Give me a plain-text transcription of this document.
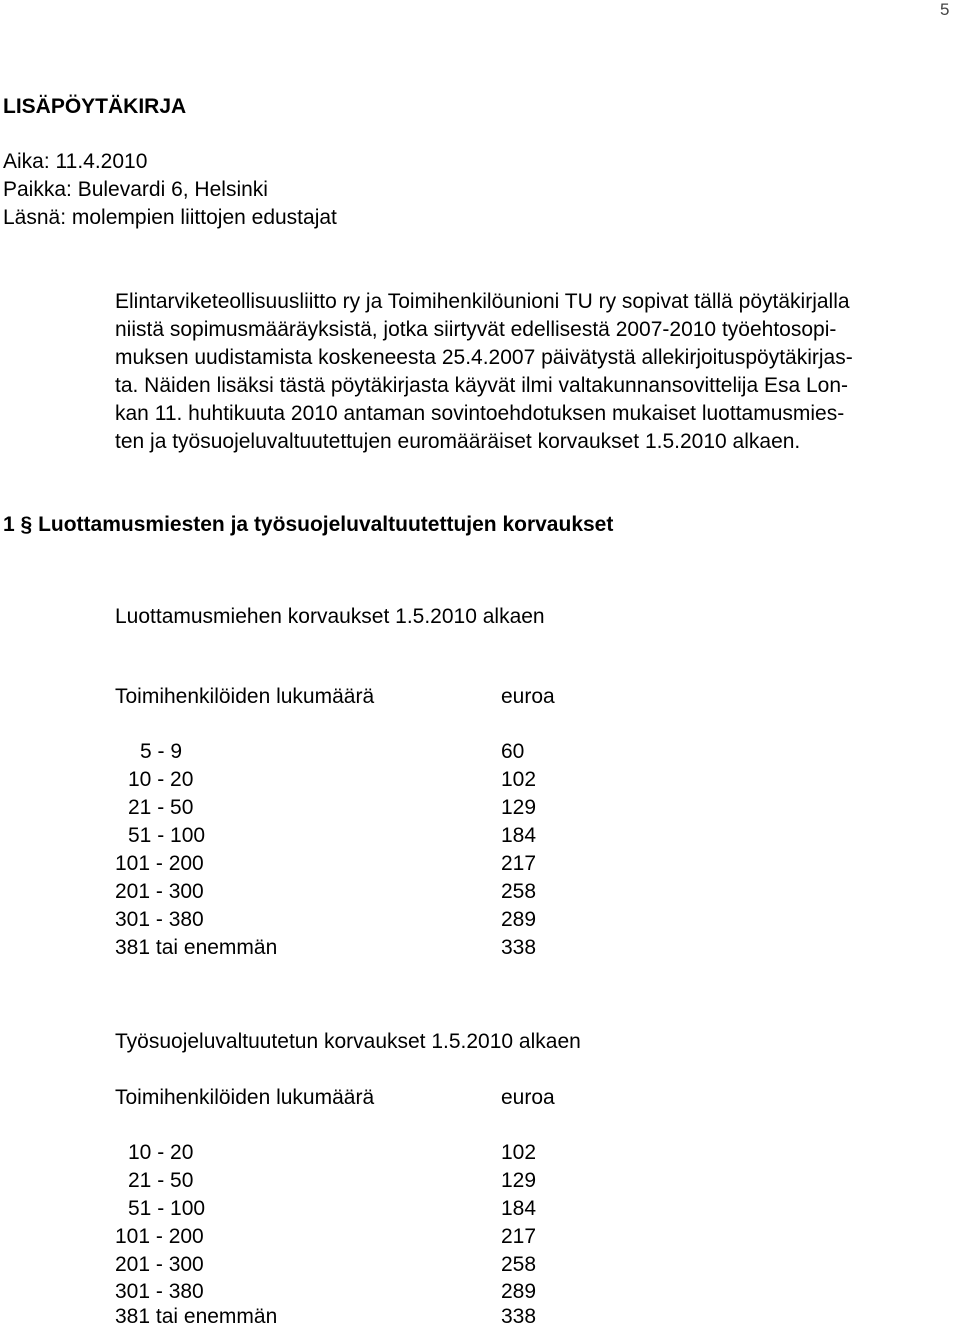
5
LISÄPÖYTÄKIRJA
Aika: 11.4.2010
Paikka: Bulevardi 6, Helsinki
Läsnä: molempien liittojen edustajat
Elintarviketeollisuusliitto ry ja Toimihenkilöunioni TU ry sopivat tällä pöytäkirjalla
niistä sopimusmääräyksistä, jotka siirtyvät edellisestä 2007-2010 työehtosopi-
muksen uudistamista koskeneesta 25.4.2007 päivätystä allekirjoituspöytäkirjas-
ta. Näiden lisäksi tästä pöytäkirjasta käyvät ilmi valtakunnansovittelija Esa Lon-
kan 11. huhtikuuta 2010 antaman sovintoehdotuksen mukaiset luottamusmies-
ten ja työsuojeluvaltuutettujen euromääräiset korvaukset 1.5.2010 alkaen.
1 § Luottamusmiesten ja työsuojeluvaltuutettujen korvaukset
Luottamusmiehen korvaukset 1.5.2010 alkaen
Toimihenkilöiden lukumäärä	euroa
5 - 9	60
10 - 20	102
21 - 50	129
51 - 100	184
101 - 200	217
201 - 300	258
301 - 380	289
381 tai enemmän	338
Työsuojeluvaltuutetun korvaukset 1.5.2010 alkaen
Toimihenkilöiden lukumäärä	euroa
10 - 20	102
21 - 50	129
51 - 100	184
101 - 200	217
201 - 300	258
301 - 380	289
381 tai enemmän	338
